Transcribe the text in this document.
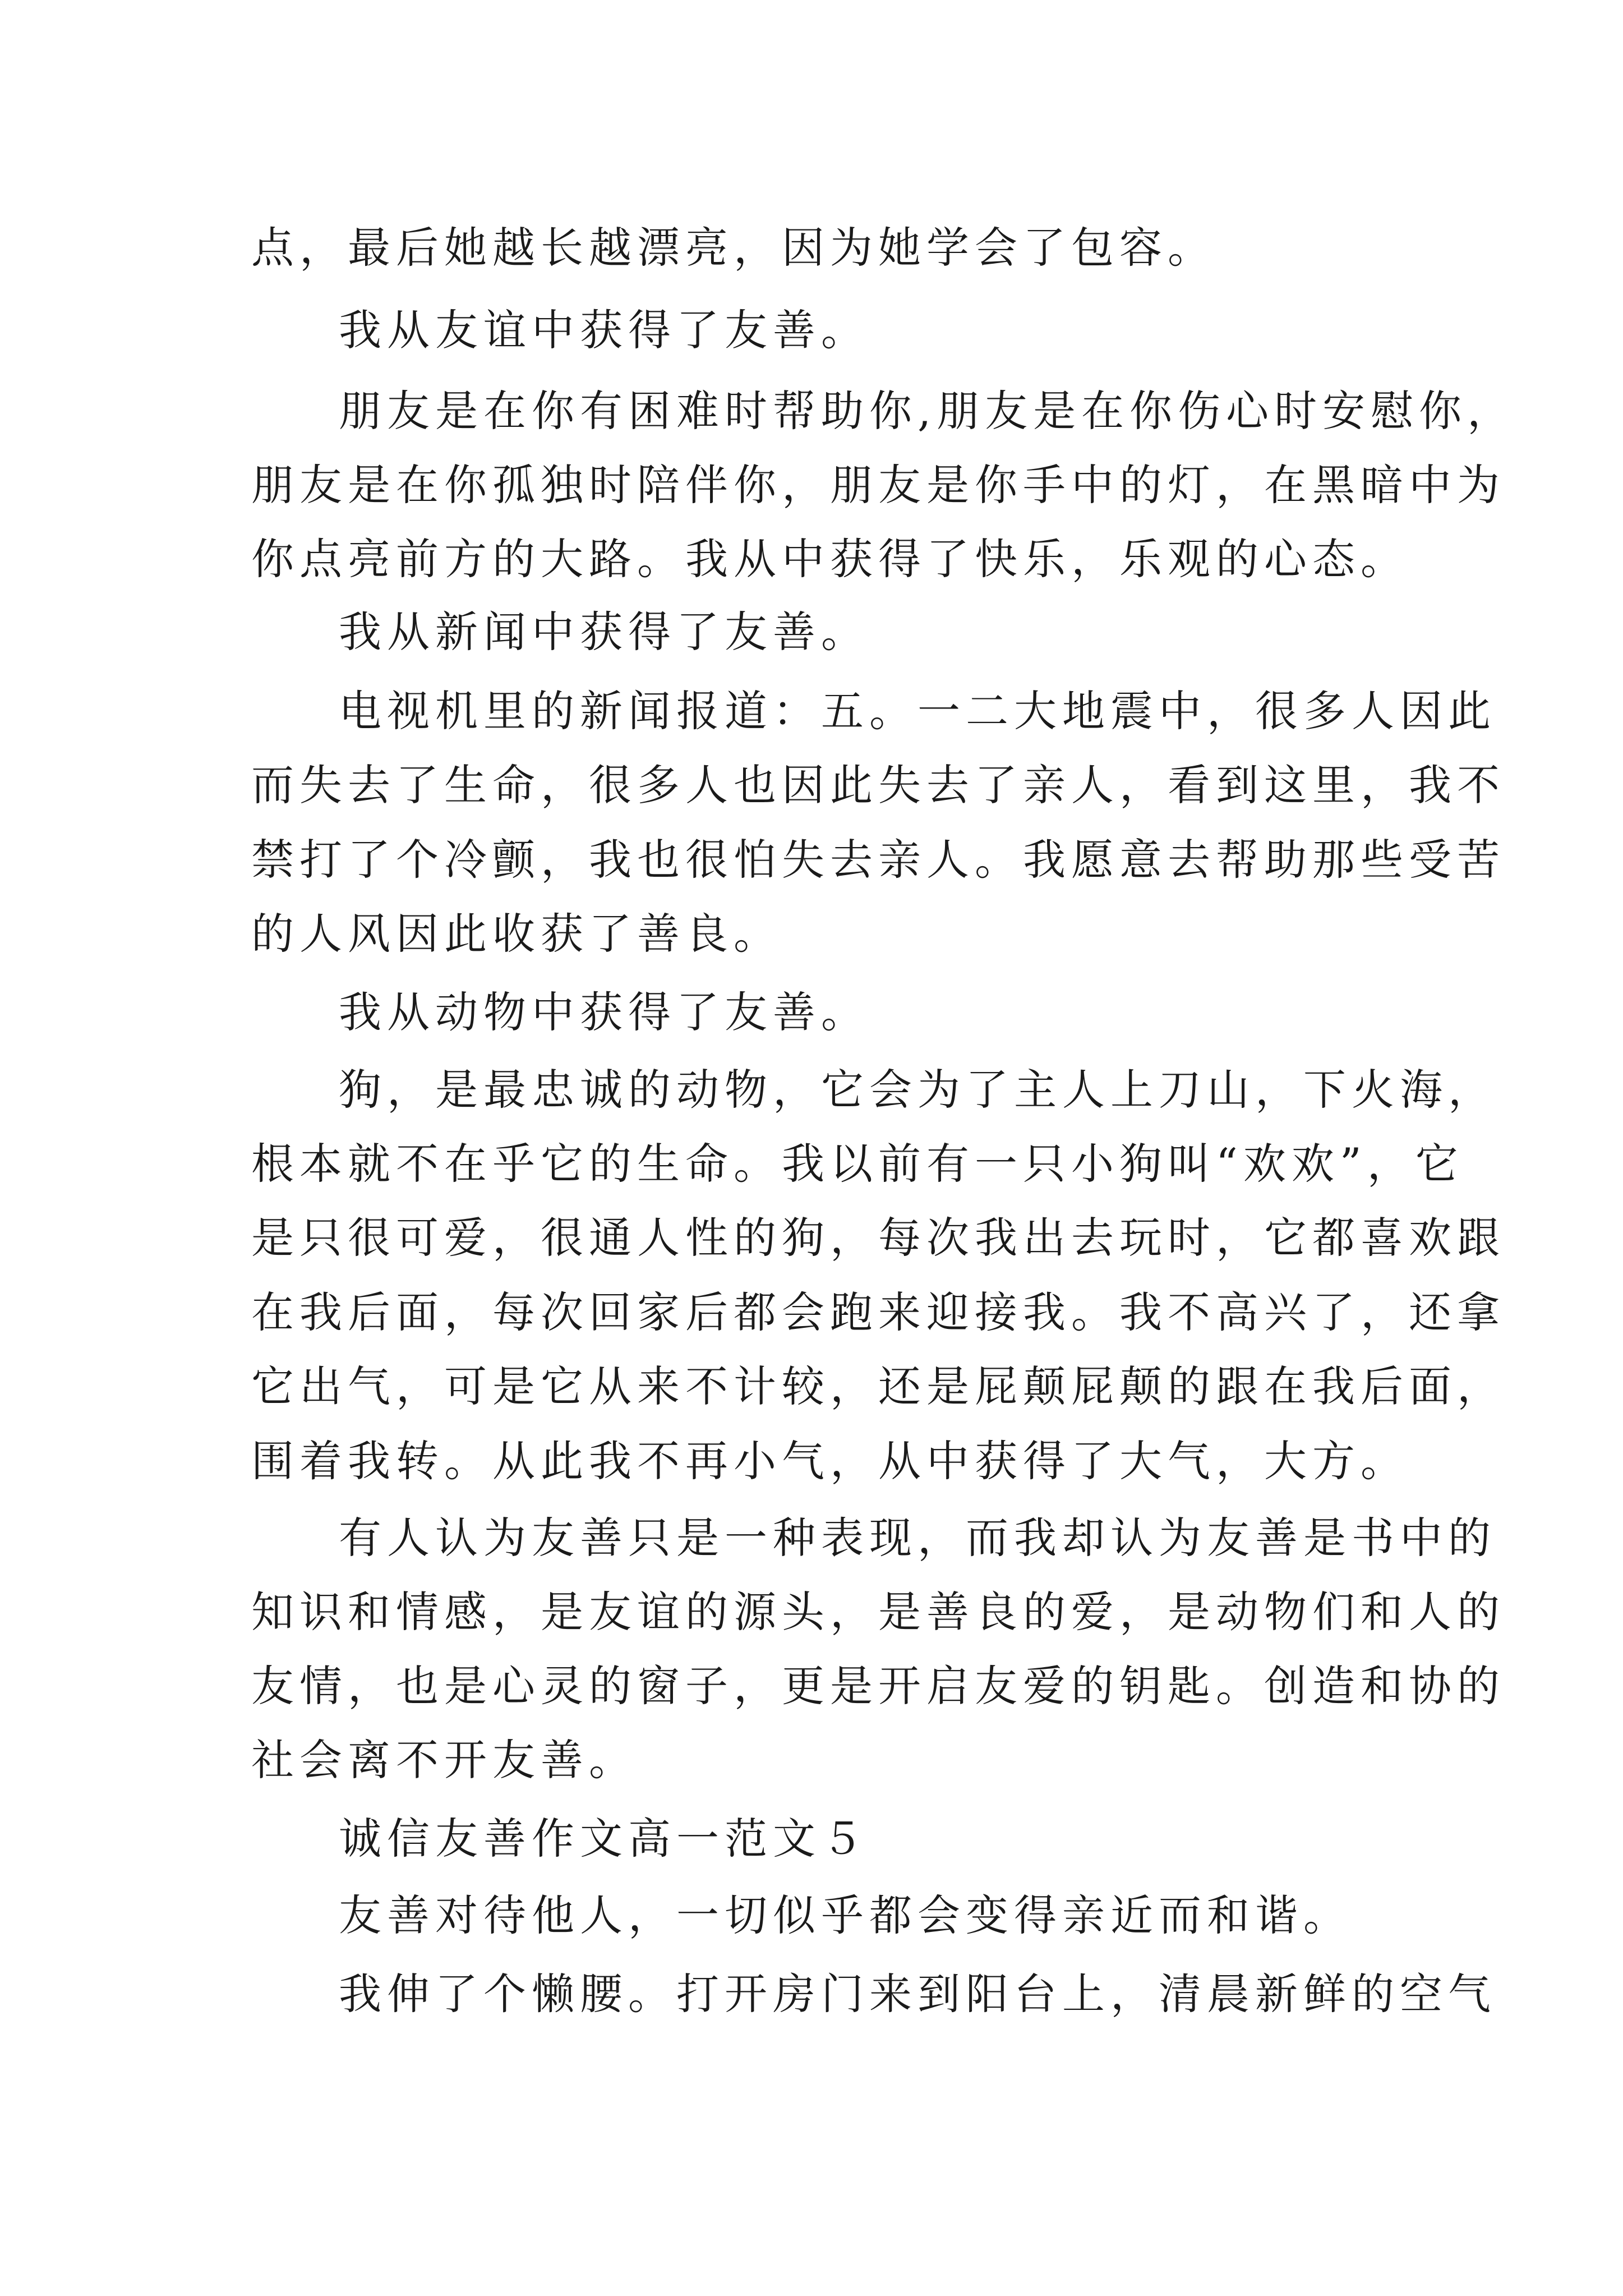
点，最后她越长越漂亮，因为她学会了包容。
我从友谊中获得了友善。
朋友是在你有困难时帮助你,朋友是在你伤心时安慰你，
朋友是在你孤独时陪伴你，朋友是你手中的灯，在黑暗中为
你点亮前方的大路。我从中获得了快乐，乐观的心态。
我从新闻中获得了友善。
电视机里的新闻报道：五。一二大地震中，很多人因此
而失去了生命，很多人也因此失去了亲人，看到这里，我不
禁打了个冷颤，我也很怕失去亲人。我愿意去帮助那些受苦
的人风因此收获了善良。
我从动物中获得了友善。
狗，是最忠诚的动物，它会为了主人上刀山，下火海，
根本就不在乎它的生命。我以前有一只小狗叫“欢欢”，它
是只很可爱，很通人性的狗，每次我出去玩时，它都喜欢跟
在我后面，每次回家后都会跑来迎接我。我不高兴了，还拿
它出气，可是它从来不计较，还是屁颠屁颠的跟在我后面，
围着我转。从此我不再小气，从中获得了大气，大方。
有人认为友善只是一种表现，而我却认为友善是书中的
知识和情感，是友谊的源头，是善良的爱，是动物们和人的
友情，也是心灵的窗子，更是开启友爱的钥匙。创造和协的
社会离不开友善。
诚信友善作文高一范文５
友善对待他人，一切似乎都会变得亲近而和谐。
我伸了个懒腰。打开房门来到阳台上，清晨新鲜的空气
